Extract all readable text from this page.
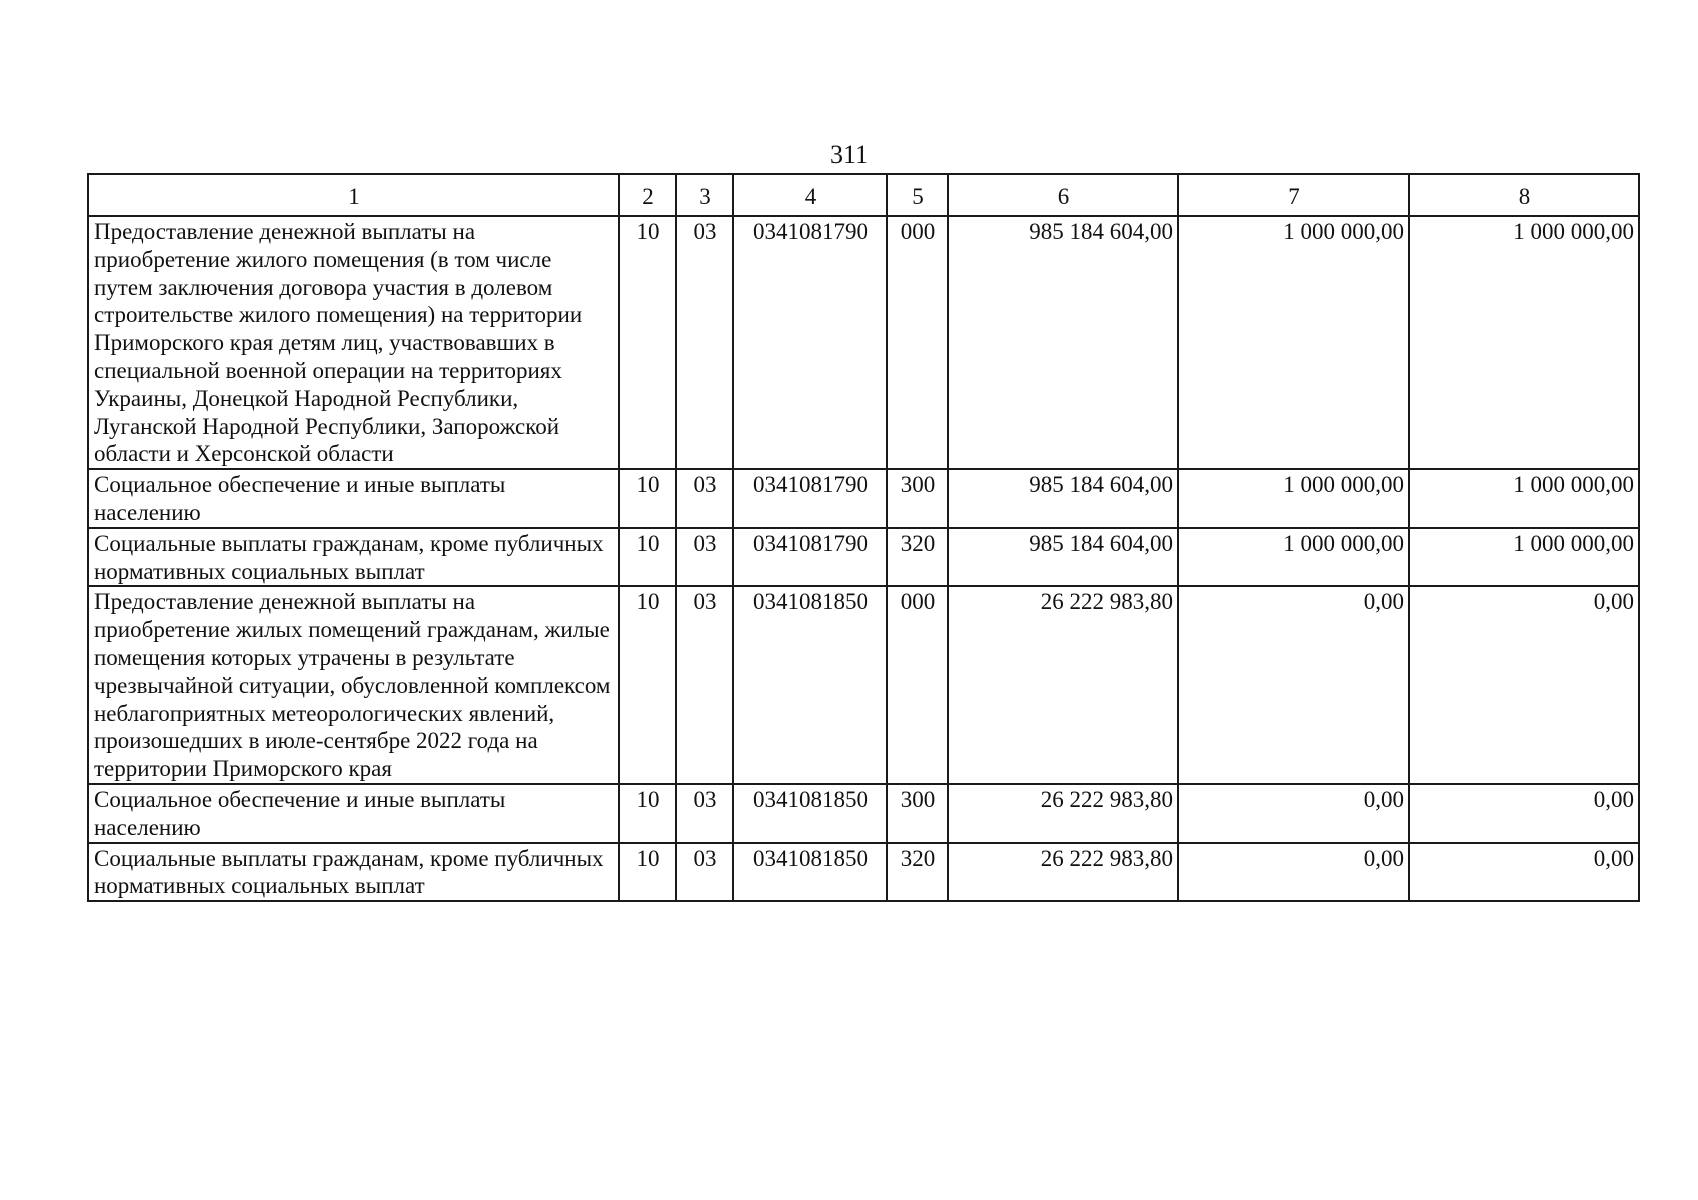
311
1	2	3	4	5	6	7	8
Предоставление денежной выплаты на приобретение жилого помещения (в том числе путем заключения договора участия в долевом строительстве жилого помещения) на территории Приморского края детям лиц, участвовавших в специальной военной операции на территориях Украины, Донецкой Народной Республики, Луганской Народной Республики, Запорожской области и Херсонской области	10	03	0341081790	000	985 184 604,00	1 000 000,00	1 000 000,00
Социальное обеспечение и иные выплаты населению	10	03	0341081790	300	985 184 604,00	1 000 000,00	1 000 000,00
Социальные выплаты гражданам, кроме публичных нормативных социальных выплат	10	03	0341081790	320	985 184 604,00	1 000 000,00	1 000 000,00
Предоставление денежной выплаты на приобретение жилых помещений гражданам, жилые помещения которых утрачены в результате чрезвычайной ситуации, обусловленной комплексом неблагоприятных метеорологических явлений, произошедших в июле-сентябре 2022 года на территории Приморского края	10	03	0341081850	000	26 222 983,80	0,00	0,00
Социальное обеспечение и иные выплаты населению	10	03	0341081850	300	26 222 983,80	0,00	0,00
Социальные выплаты гражданам, кроме публичных нормативных социальных выплат	10	03	0341081850	320	26 222 983,80	0,00	0,00
